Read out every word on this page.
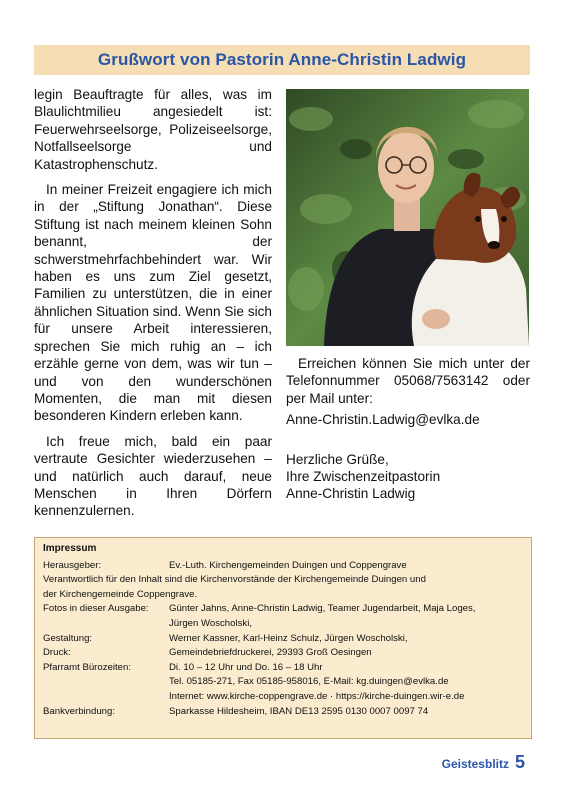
Grußwort von Pastorin Anne-Christin Ladwig

legin Beauftragte für alles, was im Blaulichtmilieu angesiedelt ist: Feuerwehrseelsorge, Polizeiseelsorge, Notfallseelsorge und Katastrophenschutz.

In meiner Freizeit engagiere ich mich in der „Stiftung Jonathan“. Diese Stiftung ist nach meinem kleinen Sohn benannt, der schwerstmehrfachbehindert war. Wir haben es uns zum Ziel gesetzt, Familien zu unterstützen, die in einer ähnlichen Situation sind. Wenn Sie sich für unsere Arbeit interessieren, sprechen Sie mich ruhig an – ich erzähle gerne von dem, was wir tun – und von den wunderschönen Momenten, die man mit diesen besonderen Kindern erleben kann.

Ich freue mich, bald ein paar vertraute Gesichter wiederzusehen – und natürlich auch darauf, neue Menschen in Ihren Dörfern kennenzulernen.

Erreichen können Sie mich unter der Telefonnummer 05068/7563142 oder per Mail unter:

Anne-Christin.Ladwig@evlka.de

Herzliche Grüße,

Ihre Zwischenzeitpastorin

Anne-Christin Ladwig

Impressum
Herausgeber:	Ev.-Luth. Kirchengemeinden Duingen und Coppengrave
Verantwortlich für den Inhalt sind die Kirchenvorstände der Kirchengemeinde Duingen und
der Kirchengemeinde Coppengrave.
Fotos in dieser Ausgabe:	Günter Jahns, Anne-Christin Ladwig, Teamer Jugendarbeit, Maja Loges,
Jürgen Woscholski,
Gestaltung:	Werner Kassner, Karl-Heinz Schulz, Jürgen Woscholski,
Druck:	Gemeindebriefdruckerei, 29393 Groß Oesingen
Pfarramt Bürozeiten:	Di. 10 – 12 Uhr und Do. 16 – 18 Uhr
Tel. 05185-271, Fax 05185-958016, E-Mail: kg.duingen@evlka.de
Internet: www.kirche-coppengrave.de · https://kirche-duingen.wir-e.de
Bankverbindung:	Sparkasse Hildesheim, IBAN DE13 2595 0130 0007 0097 74
Geistesblitz 5
